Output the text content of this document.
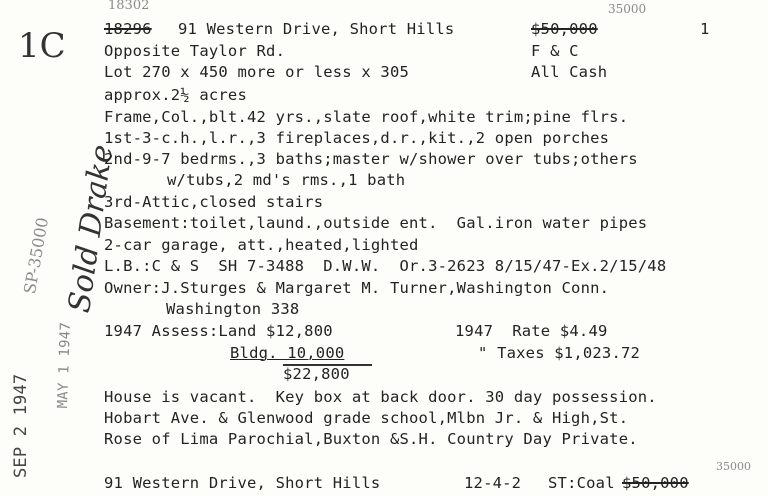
18302
1C
Sold Drake
SP-35000
SEP 2 1947
MAY 1 1947
35000
35000
18296 91 Western Drive, Short Hills	$50,000	1
Opposite Taylor Rd.	F & C
Lot 270 x 450 more or less x 305	All Cash
approx.2½ acres
Frame,Col.,blt.42 yrs.,slate roof,white trim;pine flrs.
1st-3-c.h.,l.r.,3 fireplaces,d.r.,kit.,2 open porches
2nd-9-7 bedrms.,3 baths;master w/shower over tubs;others
w/tubs,2 md's rms.,1 bath
3rd-Attic,closed stairs
Basement:toilet,laund.,outside ent.  Gal.iron water pipes
2-car garage, att.,heated,lighted
L.B.:C & S  SH 7-3488  D.W.W.  Or.3-2623 8/15/47-Ex.2/15/48
Owner:J.Sturges & Margaret M. Turner,Washington Conn.
Washington 338
1947 Assess:Land $12,800	1947  Rate $4.49
Bldg. 10,000	" Taxes $1,023.72
$22,800
House is vacant.  Key box at back door. 30 day possession.
Hobart Ave. & Glenwood grade school,Mlbn Jr. & High,St.
Rose of Lima Parochial,Buxton &S.H. Country Day Private.
91 Western Drive, Short Hills	12-4-2 ST:Coal $50,000
